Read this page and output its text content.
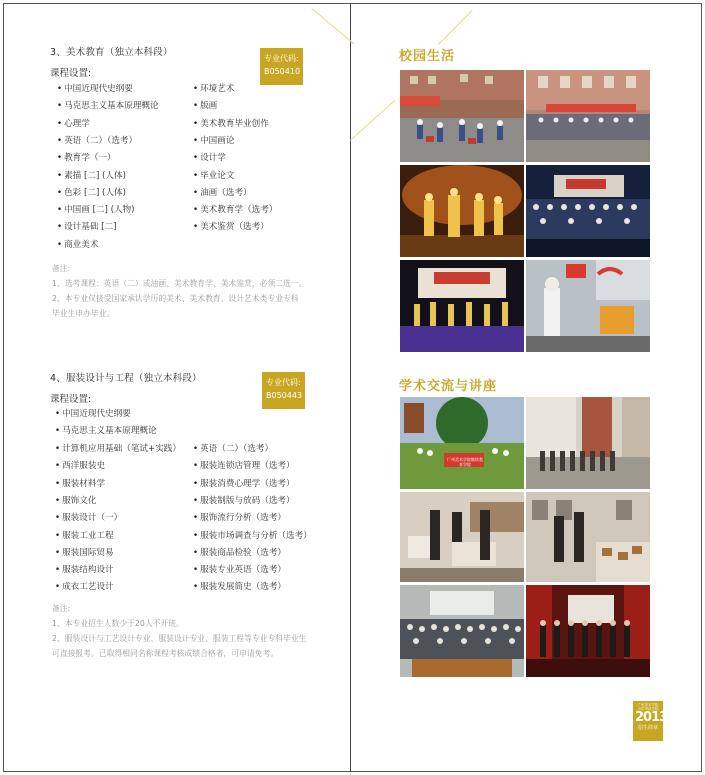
3、美术教育（独立本科段）
课程设置:
专业代码:
B050410
• 中国近现代史纲要
• 马克思主义基本原理概论
• 心理学
• 英语（二）（选考）
• 教育学（一）
• 素描 [二] (人体)
• 色彩 [二] (人体)
• 中国画 [二] (人物)
• 设计基础 [二]
• 商业美术
• 环境艺术
• 版画
• 美术教育毕业创作
• 中国画论
• 设计学
• 毕业论文
• 油画（选考）
• 美术教育学（选考）
• 美术鉴赏（选考）
备注:
1、选考课程：英语（二）或油画、美术教育学、美术鉴赏，必须二选一。
2、本专业仅接受国家承认学历的美术、美术教育、设计艺术类专业专科
毕业生申办毕业。
4、服装设计与工程（独立本科段）
课程设置:
专业代码:
B050443
• 中国近现代史纲要
• 马克思主义基本原理概论
• 计算机应用基础（笔试+实践）
• 西洋服装史
• 服装材料学
• 服饰文化
• 服装设计（一）
• 服装工业工程
• 服装国际贸易
• 服装结构设计
• 成衣工艺设计
• 英语（二）（选考）
• 服装连锁店管理（选考）
• 服装消费心理学（选考）
• 服装制版与放码（选考）
• 服饰流行分析（选考）
• 服装市场调查与分析（选考）
• 服装商品检验（选考）
• 服装专业英语（选考）
• 服装发展简史（选考）
备注:
1、本专业招生人数少于20人不开班。
2、服装设计与工艺设计专业、服装设计专业、服装工程等专业专科毕业生
可直接报考。已取得相同名称课程考核成绩合格者，可申请免考。
校园生活
学术交流与讲座
广州美术学院继续教育学院
广州美术学院
自学考试学院
2013
招生简章
